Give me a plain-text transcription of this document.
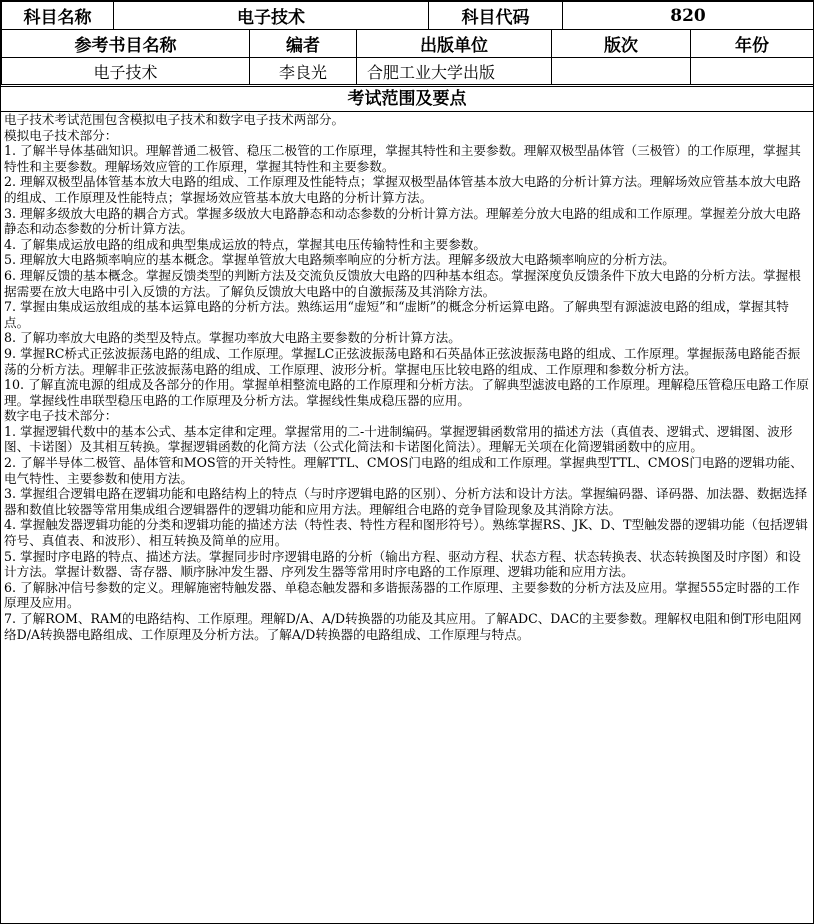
科目名称	电子技术			科目代码		820	
参考书目名称		编者	出版单位		版次		年份
电子技术		李良光	合肥工业大学出版				
考试范围及要点

电子技术考试范围包含模拟电子技术和数字电子技术两部分。

模拟电子技术部分：

1. 了解半导体基础知识。理解普通二极管、稳压二极管的工作原理，掌握其特性和主要参数。理解双极型晶体管（三极管）的工作原理，掌握其特性和主要参数。理解场效应管的工作原理，掌握其特性和主要参数。

2. 理解双极型晶体管基本放大电路的组成、工作原理及性能特点；掌握双极型晶体管基本放大电路的分析计算方法。理解场效应管基本放大电路的组成、工作原理及性能特点；掌握场效应管基本放大电路的分析计算方法。

3. 理解多级放大电路的耦合方式。掌握多级放大电路静态和动态参数的分析计算方法。理解差分放大电路的组成和工作原理。掌握差分放大电路静态和动态参数的分析计算方法。

4. 了解集成运放电路的组成和典型集成运放的特点，掌握其电压传输特性和主要参数。

5. 理解放大电路频率响应的基本概念。掌握单管放大电路频率响应的分析方法。理解多级放大电路频率响应的分析方法。

6. 理解反馈的基本概念。掌握反馈类型的判断方法及交流负反馈放大电路的四种基本组态。掌握深度负反馈条件下放大电路的分析方法。掌握根据需要在放大电路中引入反馈的方法。了解负反馈放大电路中的自激振荡及其消除方法。

7. 掌握由集成运放组成的基本运算电路的分析方法。熟练运用“虚短”和“虚断”的概念分析运算电路。了解典型有源滤波电路的组成，掌握其特点。

8. 了解功率放大电路的类型及特点。掌握功率放大电路主要参数的分析计算方法。

9. 掌握RC桥式正弦波振荡电路的组成、工作原理。掌握LC正弦波振荡电路和石英晶体正弦波振荡电路的组成、工作原理。掌握振荡电路能否振荡的分析方法。理解非正弦波振荡电路的组成、工作原理、波形分析。掌握电压比较电路的组成、工作原理和参数分析方法。

10. 了解直流电源的组成及各部分的作用。掌握单相整流电路的工作原理和分析方法。了解典型滤波电路的工作原理。理解稳压管稳压电路工作原理。掌握线性串联型稳压电路的工作原理及分析方法。掌握线性集成稳压器的应用。

数字电子技术部分：

1. 掌握逻辑代数中的基本公式、基本定律和定理。掌握常用的二-十进制编码。掌握逻辑函数常用的描述方法（真值表、逻辑式、逻辑图、波形图、卡诺图）及其相互转换。掌握逻辑函数的化简方法（公式化简法和卡诺图化简法）。理解无关项在化简逻辑函数中的应用。

2. 了解半导体二极管、晶体管和MOS管的开关特性。理解TTL、CMOS门电路的组成和工作原理。掌握典型TTL、CMOS门电路的逻辑功能、电气特性、主要参数和使用方法。

3. 掌握组合逻辑电路在逻辑功能和电路结构上的特点（与时序逻辑电路的区别）、分析方法和设计方法。掌握编码器、译码器、加法器、数据选择器和数值比较器等常用集成组合逻辑器件的逻辑功能和应用方法。理解组合电路的竞争冒险现象及其消除方法。

4. 掌握触发器逻辑功能的分类和逻辑功能的描述方法（特性表、特性方程和图形符号）。熟练掌握RS、JK、D、T型触发器的逻辑功能（包括逻辑符号、真值表、和波形）、相互转换及简单的应用。

5. 掌握时序电路的特点、描述方法。掌握同步时序逻辑电路的分析（输出方程、驱动方程、状态方程、状态转换表、状态转换图及时序图）和设计方法。掌握计数器、寄存器、顺序脉冲发生器、序列发生器等常用时序电路的工作原理、逻辑功能和应用方法。

6. 了解脉冲信号参数的定义。理解施密特触发器、单稳态触发器和多谐振荡器的工作原理、主要参数的分析方法及应用。掌握555定时器的工作原理及应用。

7. 了解ROM、RAM的电路结构、工作原理。理解D/A、A/D转换器的功能及其应用。了解ADC、DAC的主要参数。理解权电阻和倒T形电阻网络D/A转换器电路组成、工作原理及分析方法。了解A/D转换器的电路组成、工作原理与特点。
